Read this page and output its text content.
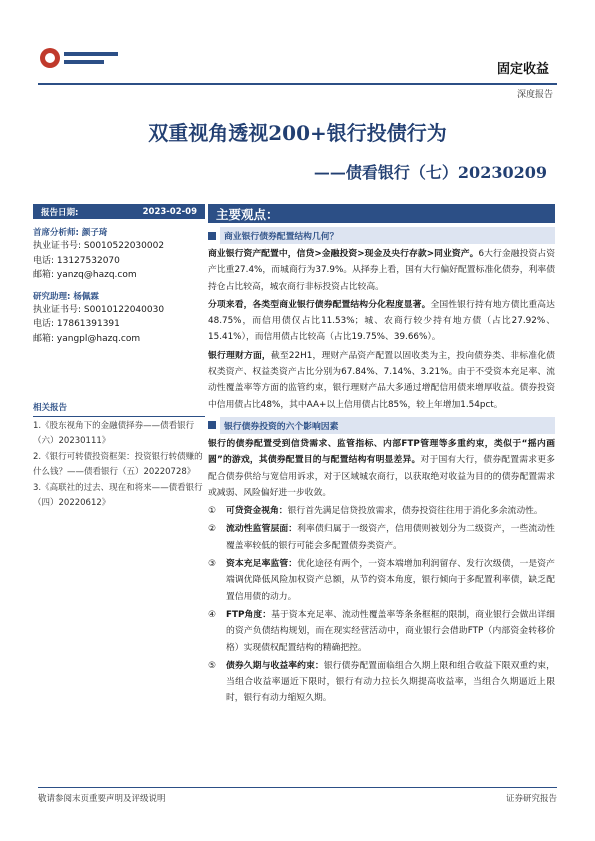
固定收益
深度报告
双重视角透视200+银行投债行为
——债看银行（七）20230209
报告日期:	2023-02-09
首席分析师: 颜子琦
执业证书号: S0010522030002
电话: 13127532070
邮箱: yanzq@hazq.com
研究助理: 杨佩霖
执业证书号: S0010122040030
电话: 17861391391
邮箱: yangpl@hazq.com
相关报告
1.《股东视角下的金融债择券——债看银行（六）20230111》
2.《银行可转债投资框架：投资银行转债赚的什么钱？——债看银行（五）20220728》
3.《高联社的过去、现在和将来——债看银行（四）20220612》
主要观点：
商业银行债券配置结构几何？

商业银行资产配置中，信贷>金融投资>现金及央行存款>同业资产。6大行金融投资占资产比重27.4%，而城商行为37.9%。从择券上看，国有大行偏好配置标准化债券，利率债持仓占比较高，城农商行非标投资占比较高。

分项来看，各类型商业银行债券配置结构分化程度显著。全国性银行持有地方债比重高达48.75%，而信用债仅占比11.53%；城、农商行较少持有地方债（占比27.92%、15.41%），而信用债占比较高（占比19.75%、39.66%）。

银行理财方面，截至22H1，理财产品资产配置以固收类为主，投向债券类、非标准化债权类资产、权益类资产占比分别为67.84%、7.14%、3.21%。由于不受资本充足率、流动性覆盖率等方面的监管约束，银行理财产品大多通过增配信用债来增厚收益。债券投资中信用债占比48%，其中AA+以上信用债占比85%，较上年增加1.54pct。

银行债券投资的六个影响因素

银行的债券配置受到信贷需求、监管指标、内部FTP管理等多重约束，类似于“摇内画圆”的游戏，其债券配置目的与配置结构有明显差异。对于国有大行，债券配置需求更多配合债券供给与宽信用诉求，对于区域城农商行，以获取绝对收益为目的的债券配置需求或减弱、风险偏好进一步收敛。

①	可贷资金视角：银行首先满足信贷投放需求，债券投资往往用于消化多余流动性。
②	流动性监管层面：利率债归属于一级资产，信用债则被划分为二级资产，一些流动性覆盖率较低的银行可能会多配置债券类资产。
③	资本充足率监管：优化途径有两个，一资本端增加利润留存、发行次级债，一是资产端调优降低风险加权资产总额，从节约资本角度，银行倾向于多配置利率债，缺乏配置信用债的动力。
④	FTP角度：基于资本充足率、流动性覆盖率等条条框框的限制，商业银行会做出详细的资产负债结构规划，而在现实经营活动中，商业银行会借助FTP（内部资金转移价格）实现债权配置结构的精确把控。
⑤	债券久期与收益率约束：银行债券配置面临组合久期上限和组合收益下限双重约束，当组合收益率逼近下限时，银行有动力拉长久期提高收益率，当组合久期逼近上限时，银行有动力缩短久期。
敬请参阅末页重要声明及评级说明	证券研究报告
